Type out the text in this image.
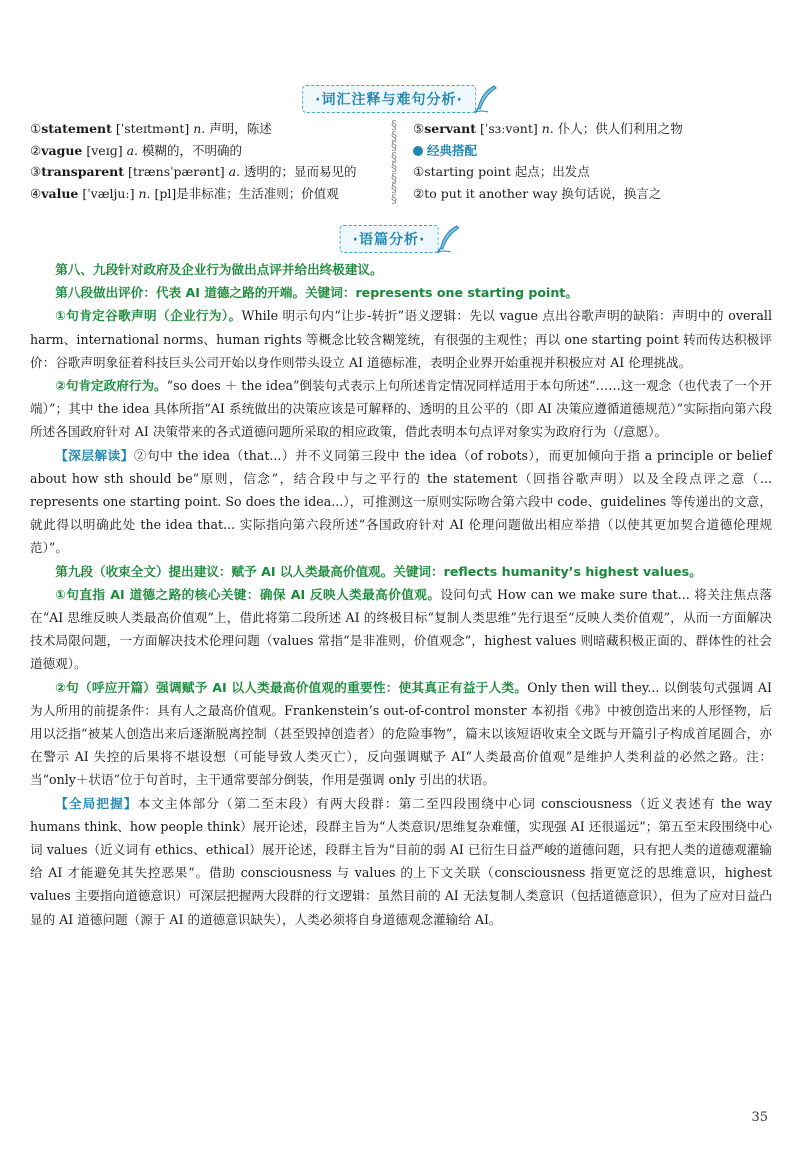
·词汇注释与难句分析·
①statement [ˈsteɪtmənt] n. 声明，陈述
②vague [veɪɡ] a. 模糊的，不明确的
③transparent [trænsˈpærənt] a. 透明的；显而易见的
④value [ˈvæljuː] n. [pl]是非标准；生活准则；价值观
§
§
§
§
§
§
§
§
⑤servant [ˈsɜːvənt] n. 仆人；供人们利用之物
经典搭配
①starting point 起点；出发点
②to put it another way 换句话说，换言之
·语篇分析·

第八、九段针对政府及企业行为做出点评并给出终极建议。

第八段做出评价：代表 AI 道德之路的开端。关键词：represents one starting point。

①句肯定谷歌声明（企业行为）。While 明示句内“让步-转折”语义逻辑：先以 vague 点出谷歌声明的缺陷：声明中的 overall harm、international norms、human rights 等概念比较含糊笼统，有很强的主观性；再以 one starting point 转而传达积极评价：谷歌声明象征着科技巨头公司开始以身作则带头设立 AI 道德标准，表明企业界开始重视并积极应对 AI 伦理挑战。

②句肯定政府行为。“so does ＋ the idea”倒装句式表示上句所述肯定情况同样适用于本句所述“……这一观念（也代表了一个开端）”；其中 the idea 具体所指“AI 系统做出的决策应该是可解释的、透明的且公平的（即 AI 决策应遵循道德规范）”实际指向第六段所述各国政府针对 AI 决策带来的各式道德问题所采取的相应政策，借此表明本句点评对象实为政府行为（/意愿）。

【深层解读】②句中 the idea（that...）并不义同第三段中 the idea（of robots），而更加倾向于指 a principle or belief about how sth should be“原则，信念”，结合段中与之平行的 the statement（回指谷歌声明）以及全段点评之意（... represents one starting point. So does the idea...），可推测这一原则实际吻合第六段中 code、guidelines 等传递出的文意，就此得以明确此处 the idea that... 实际指向第六段所述“各国政府针对 AI 伦理问题做出相应举措（以使其更加契合道德伦理规范）”。

第九段（收束全文）提出建议：赋予 AI 以人类最高价值观。关键词：reflects humanity’s highest values。

①句直指 AI 道德之路的核心关键：确保 AI 反映人类最高价值观。设问句式 How can we make sure that... 将关注焦点落在“AI 思维反映人类最高价值观”上，借此将第二段所述 AI 的终极目标“复制人类思维”先行退至“反映人类价值观”，从而一方面解决技术局限问题，一方面解决技术伦理问题（values 常指“是非准则，价值观念”，highest values 则暗藏积极正面的、群体性的社会道德观）。

②句（呼应开篇）强调赋予 AI 以人类最高价值观的重要性：使其真正有益于人类。Only then will they... 以倒装句式强调 AI 为人所用的前提条件：具有人之最高价值观。Frankenstein’s out-of-control monster 本初指《弗》中被创造出来的人形怪物，后用以泛指“被某人创造出来后逐渐脱离控制（甚至毁掉创造者）的危险事物”，篇末以该短语收束全文既与开篇引子构成首尾圆合，亦在警示 AI 失控的后果将不堪设想（可能导致人类灭亡），反向强调赋予 AI“人类最高价值观”是维护人类利益的必然之路。注：当“only＋状语”位于句首时，主干通常要部分倒装，作用是强调 only 引出的状语。

【全局把握】本文主体部分（第二至末段）有两大段群：第二至四段围绕中心词 consciousness（近义表述有 the way humans think、how people think）展开论述，段群主旨为“人类意识/思维复杂难懂，实现强 AI 还很遥远”；第五至末段围绕中心词 values（近义词有 ethics、ethical）展开论述，段群主旨为“目前的弱 AI 已衍生日益严峻的道德问题，只有把人类的道德观灌输给 AI 才能避免其失控恶果”。借助 consciousness 与 values 的上下文关联（consciousness 指更宽泛的思维意识，highest values 主要指向道德意识）可深层把握两大段群的行文逻辑：虽然目前的 AI 无法复制人类意识（包括道德意识），但为了应对日益凸显的 AI 道德问题（源于 AI 的道德意识缺失），人类必须将自身道德观念灌输给 AI。

35
